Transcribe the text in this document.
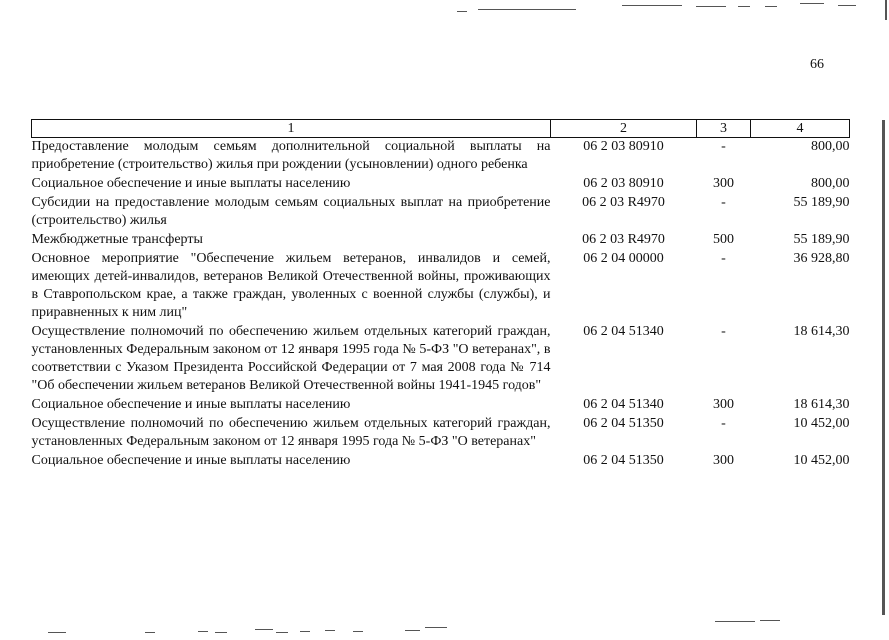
66
1	2	3	4
Предоставление молодым семьям дополнительной социальной выплаты на приобретение (строительство) жилья при рождении (усыновлении) одного ребенка	06 2 03 80910	-	800,00
Социальное обеспечение и иные выплаты населению	06 2 03 80910	300	800,00
Субсидии на предоставление молодым семьям социальных выплат на приобретение (строительство) жилья	06 2 03 R4970	-	55 189,90
Межбюджетные трансферты	06 2 03 R4970	500	55 189,90
Основное мероприятие "Обеспечение жильем ветеранов, инвалидов и семей, имеющих детей-инвалидов, ветеранов Великой Отечественной войны, проживающих в Ставропольском крае, а также граждан, уволенных с военной службы (службы), и приравненных к ним лиц"	06 2 04 00000	-	36 928,80
Осуществление полномочий по обеспечению жильем отдельных категорий граждан, установленных Федеральным законом от 12 января 1995 года № 5-ФЗ "О ветеранах", в соответствии с Указом Президента Российской Федерации от 7 мая 2008 года № 714 "Об обеспечении жильем ветеранов Великой Отечественной войны 1941-1945 годов"	06 2 04 51340	-	18 614,30
Социальное обеспечение и иные выплаты населению	06 2 04 51340	300	18 614,30
Осуществление полномочий по обеспечению жильем отдельных категорий граждан, установленных Федеральным законом от 12 января 1995 года № 5-ФЗ "О ветеранах"	06 2 04 51350	-	10 452,00
Социальное обеспечение и иные выплаты населению	06 2 04 51350	300	10 452,00
